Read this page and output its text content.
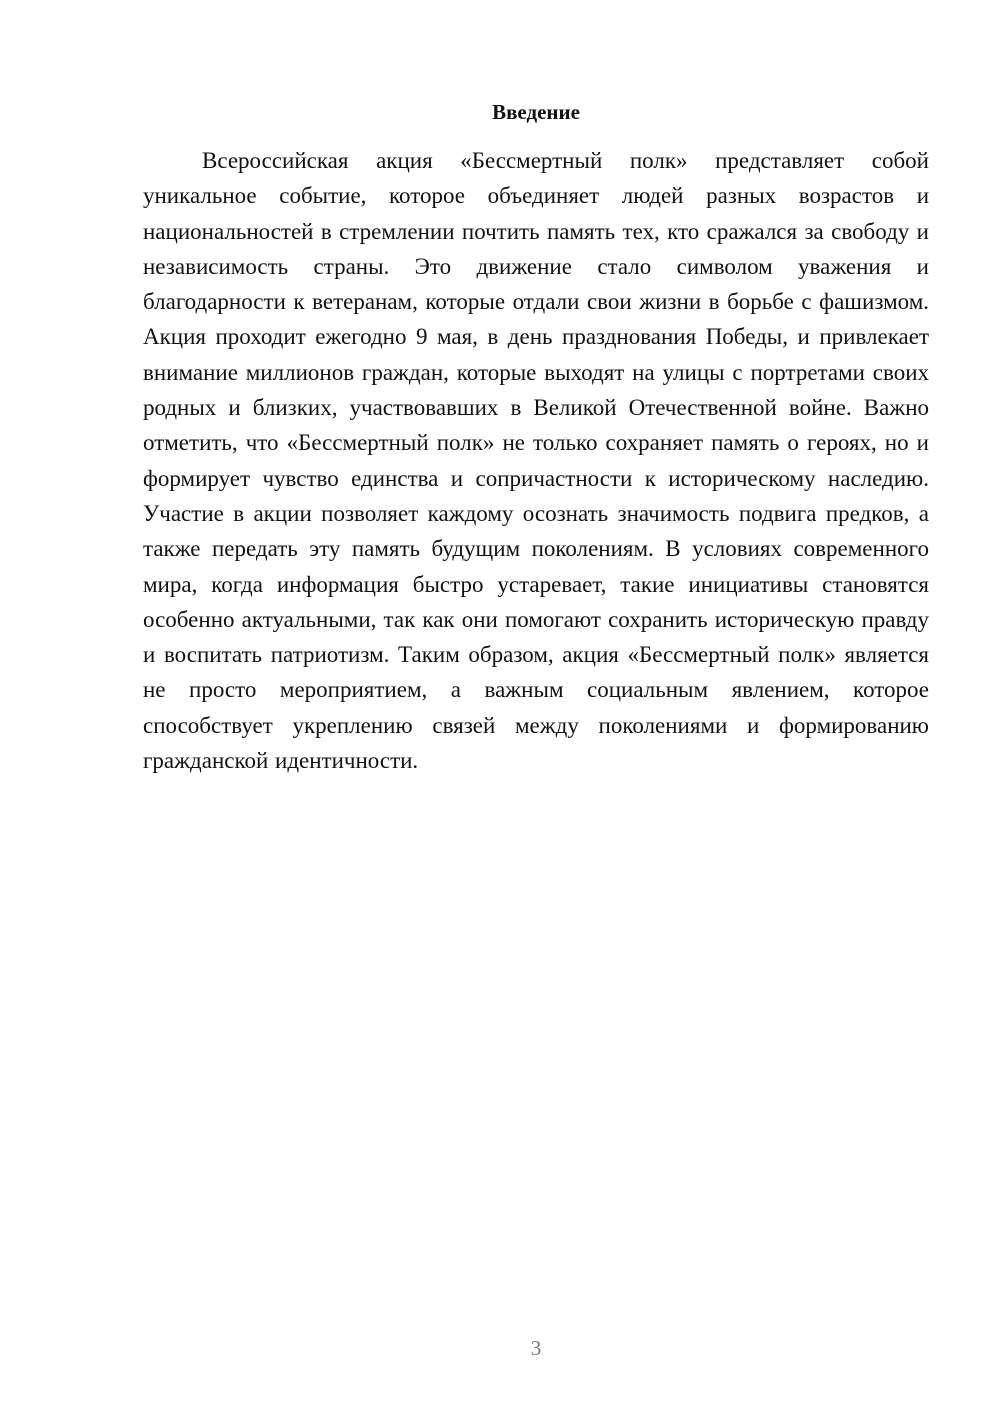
Введение

Всероссийская акция «Бессмертный полк» представляет собой уникальное событие, которое объединяет людей разных возрастов и национальностей в стремлении почтить память тех, кто сражался за свободу и независимость страны. Это движение стало символом уважения и благодарности к ветеранам, которые отдали свои жизни в борьбе с фашизмом. Акция проходит ежегодно 9 мая, в день празднования Победы, и привлекает внимание миллионов граждан, которые выходят на улицы с портретами своих родных и близких, участвовавших в Великой Отечественной войне. Важно отметить, что «Бессмертный полк» не только сохраняет память о героях, но и формирует чувство единства и сопричастности к историческому наследию. Участие в акции позволяет каждому осознать значимость подвига предков, а также передать эту память будущим поколениям. В условиях современного мира, когда информация быстро устаревает, такие инициативы становятся особенно актуальными, так как они помогают сохранить историческую правду и воспитать патриотизм. Таким образом, акция «Бессмертный полк» является не просто мероприятием, а важным социальным явлением, которое способствует укреплению связей между поколениями и формированию гражданской идентичности.

3
